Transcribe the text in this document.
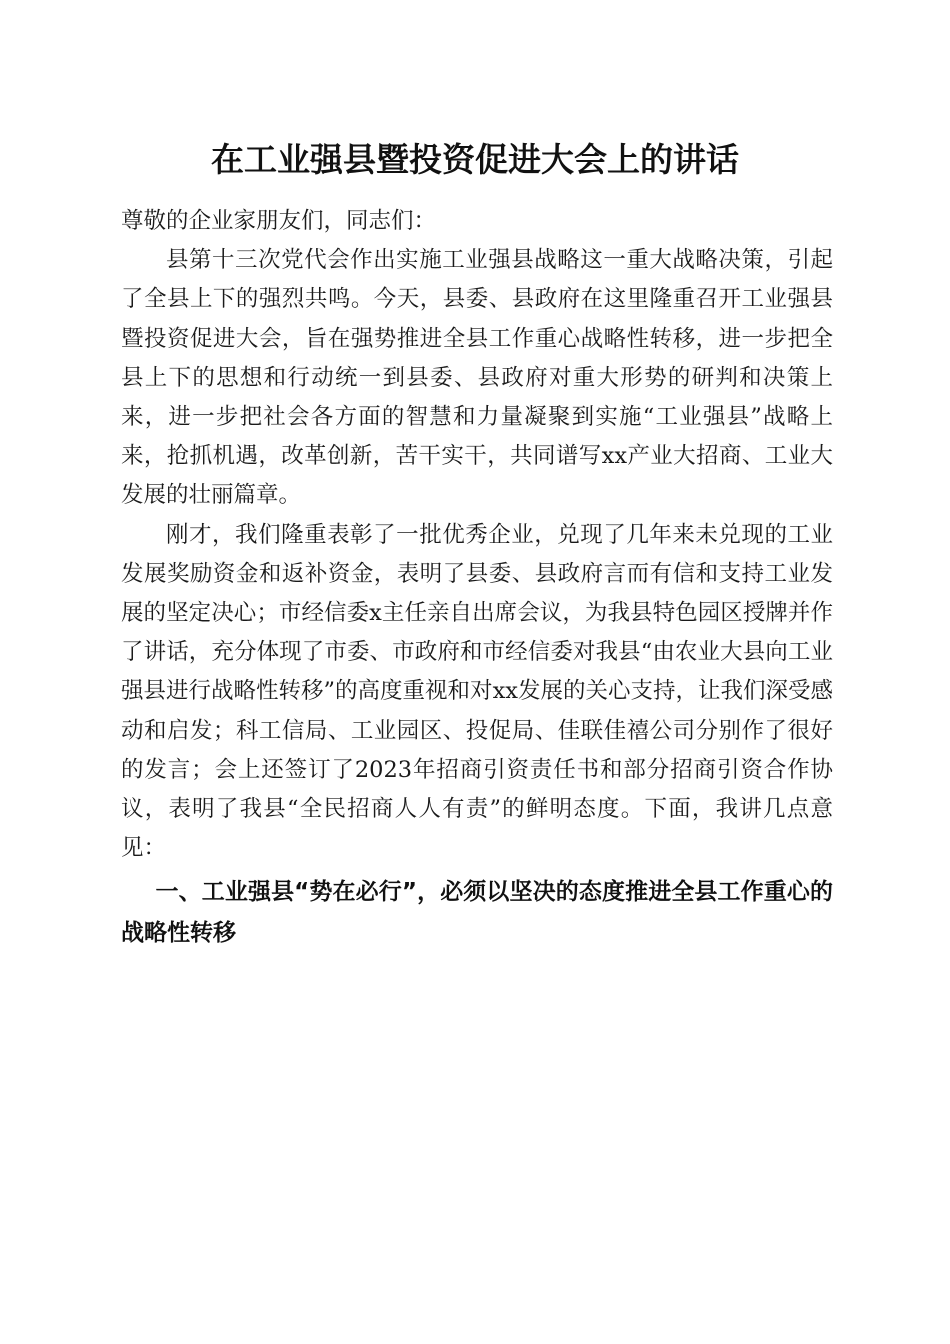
在工业强县暨投资促进大会上的讲话

尊敬的企业家朋友们，同志们：

县第十三次党代会作出实施工业强县战略这一重大战略决策，引起了全县上下的强烈共鸣。今天，县委、县政府在这里隆重召开工业强县暨投资促进大会，旨在强势推进全县工作重心战略性转移，进一步把全县上下的思想和行动统一到县委、县政府对重大形势的研判和决策上来，进一步把社会各方面的智慧和力量凝聚到实施“工业强县”战略上来，抢抓机遇，改革创新，苦干实干，共同谱写xx产业大招商、工业大发展的壮丽篇章。

刚才，我们隆重表彰了一批优秀企业，兑现了几年来未兑现的工业发展奖励资金和返补资金，表明了县委、县政府言而有信和支持工业发展的坚定决心；市经信委x主任亲自出席会议，为我县特色园区授牌并作了讲话，充分体现了市委、市政府和市经信委对我县“由农业大县向工业强县进行战略性转移”的高度重视和对xx发展的关心支持，让我们深受感动和启发；科工信局、工业园区、投促局、佳联佳禧公司分别作了很好的发言；会上还签订了2023年招商引资责任书和部分招商引资合作协议，表明了我县“全民招商人人有责”的鲜明态度。下面，我讲几点意见：

一、工业强县“势在必行”，必须以坚决的态度推进全县工作重心的战略性转移
